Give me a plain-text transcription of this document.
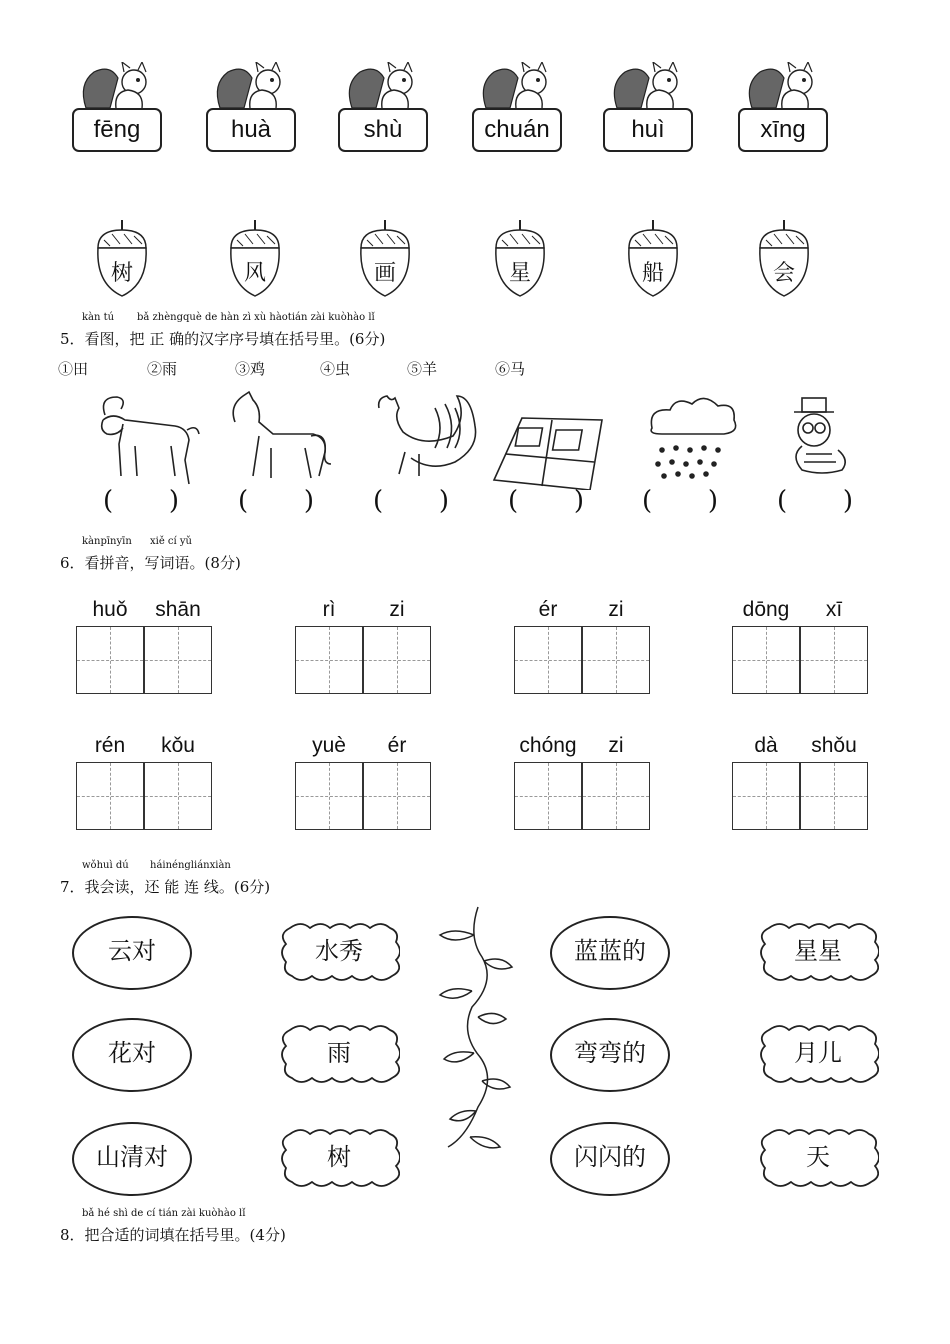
fēng	huà	shù	chuán	huì	xīng
树	风	画	星	船	会
kàn tú bǎ zhèngquè de hàn zì xù hàotián zài kuòhào lǐ
5．看图，把 正 确的汉字序号填在括号里。(6分)
①田	②雨	③鸡	④虫	⑤羊	⑥马
( ) ( ) ( ) ( ) ( ) ( )
kànpīnyīn xiě cí yǔ
6．看拼音，写词语。(8分)
huǒ	shān	rì	zi	ér	zi	dōng	xī
rén	kǒu	yuè	ér	chóng	zi	dà	shǒu
wǒhuì dú háinéngliánxiàn
7．我会读，还 能 连 线。(6分)
云对	水秀	蓝蓝的	星星
花对	雨	弯弯的	月儿
山清对	树	闪闪的	天
bǎ hé shì de cí tián zài kuòhào lǐ
8．把合适的词填在括号里。(4分)
